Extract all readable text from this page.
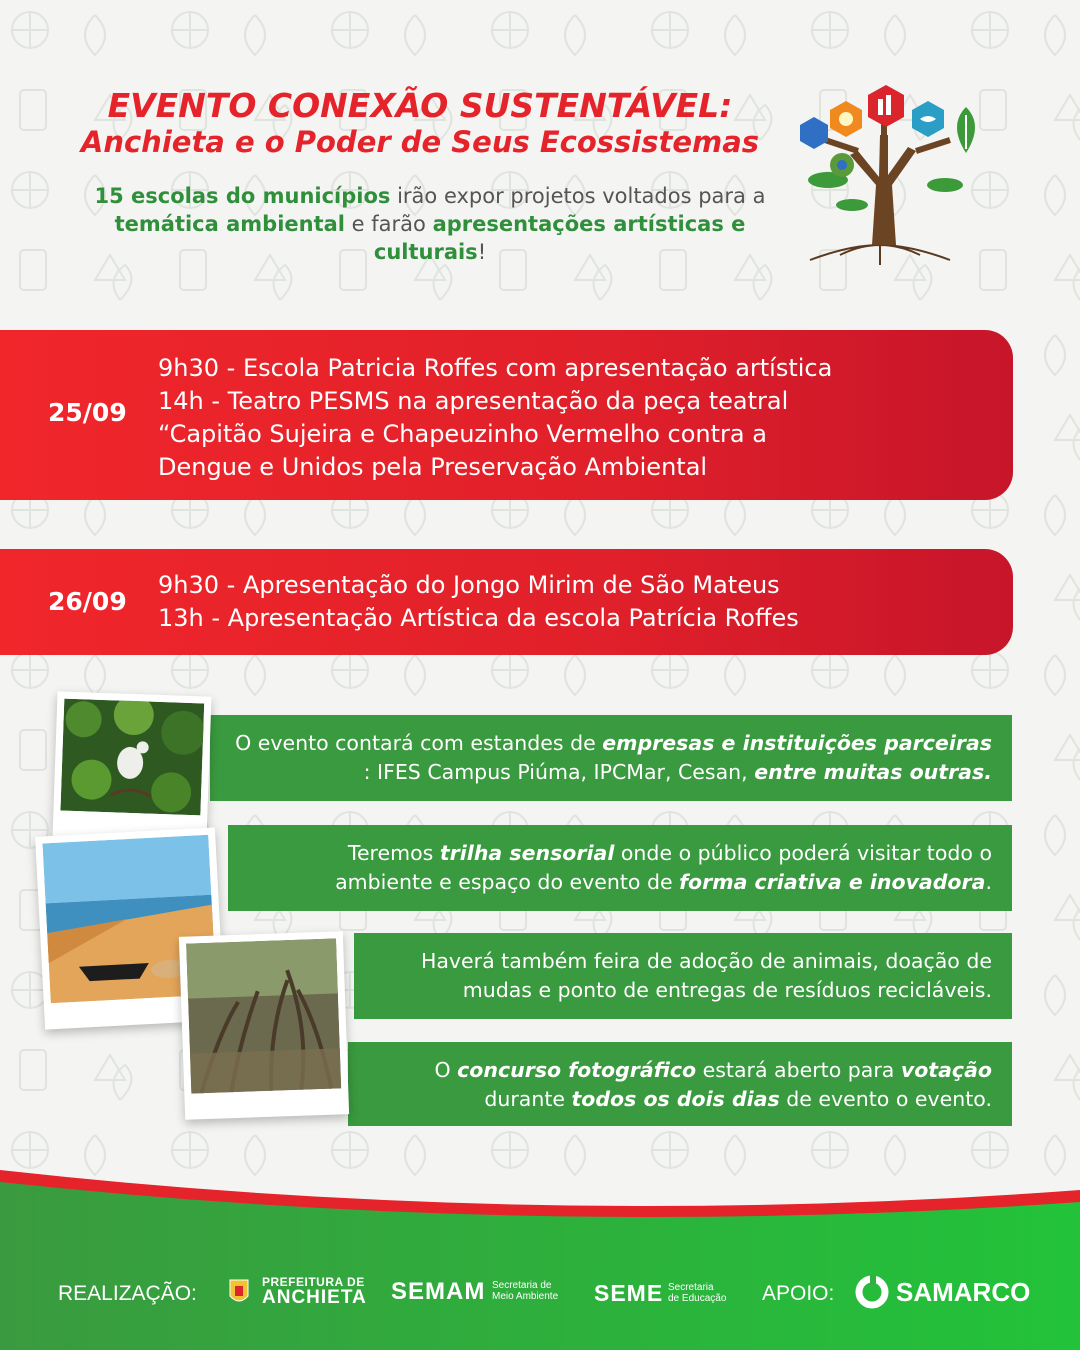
EVENTO CONEXÃO SUSTENTÁVEL:
Anchieta e o Poder de Seus Ecossistemas
15 escolas do municípios irão expor projetos voltados para a temática ambiental e farão apresentações artísticas e culturais!
25/09
9h30 - Escola Patricia Roffes com apresentação artística
14h - Teatro PESMS na apresentação da peça teatral
“Capitão Sujeira e Chapeuzinho Vermelho contra a
Dengue e Unidos pela Preservação Ambiental
26/09
9h30 - Apresentação do Jongo Mirim de São Mateus
13h - Apresentação Artística da escola Patrícia Roffes
O evento contará com estandes de empresas e instituições parceiras : IFES Campus Piúma, IPCMar, Cesan, entre muitas outras.
Teremos trilha sensorial onde o público poderá visitar todo o ambiente e espaço do evento de forma criativa e inovadora.
Haverá também feira de adoção de animais, doação de mudas e ponto de entregas de resíduos recicláveis.
O concurso fotográfico estará aberto para votação durante todos os dois dias de evento o evento.
REALIZAÇÃO:	PREFEITURA DE
ANCHIETA SEMAM Secretaria de
Meio Ambiente SEME Secretaria
de Educação APOIO: SAMARCO
